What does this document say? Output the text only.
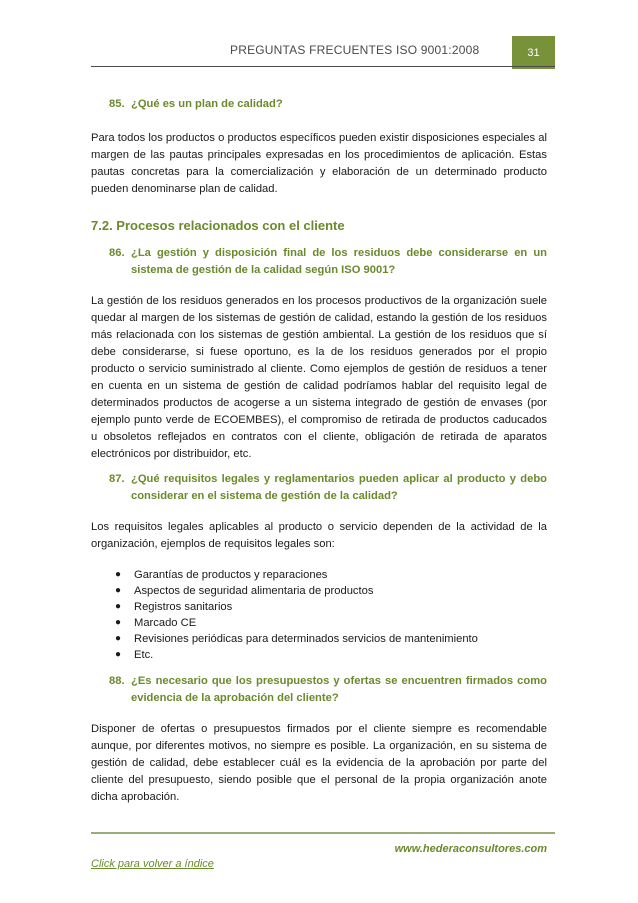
PREGUNTAS FRECUENTES ISO 9001:2008	31
85. ¿Qué es un plan de calidad?

Para todos los productos o productos específicos pueden existir disposiciones especiales al margen de las pautas principales expresadas en los procedimientos de aplicación. Estas pautas concretas para la comercialización y elaboración de un determinado producto pueden denominarse plan de calidad.

7.2. Procesos relacionados con el cliente
86. ¿La gestión y disposición final de los residuos debe considerarse en un sistema de gestión de la calidad según ISO 9001?

La gestión de los residuos generados en los procesos productivos de la organización suele quedar al margen de los sistemas de gestión de calidad, estando la gestión de los residuos más relacionada con los sistemas de gestión ambiental. La gestión de los residuos que sí debe considerarse, si fuese oportuno, es la de los residuos generados por el propio producto o servicio suministrado al cliente. Como ejemplos de gestión de residuos a tener en cuenta en un sistema de gestión de calidad podríamos hablar del requisito legal de determinados productos de acogerse a un sistema integrado de gestión de envases (por ejemplo punto verde de ECOEMBES), el compromiso de retirada de productos caducados u obsoletos reflejados en contratos con el cliente, obligación de retirada de aparatos electrónicos por distribuidor, etc.

87. ¿Qué requisitos legales y reglamentarios pueden aplicar al producto y debo considerar en el sistema de gestión de la calidad?

Los requisitos legales aplicables al producto o servicio dependen de la actividad de la organización, ejemplos de requisitos legales son:

●	Garantías de productos y reparaciones
●	Aspectos de seguridad alimentaria de productos
●	Registros sanitarios
●	Marcado CE
●	Revisiones periódicas para determinados servicios de mantenimiento
●	Etc.
88. ¿Es necesario que los presupuestos y ofertas se encuentren firmados como evidencia de la aprobación del cliente?

Disponer de ofertas o presupuestos firmados por el cliente siempre es recomendable aunque, por diferentes motivos, no siempre es posible. La organización, en su sistema de gestión de calidad, debe establecer cuál es la evidencia de la aprobación por parte del cliente del presupuesto, siendo posible que el personal de la propia organización anote dicha aprobación.

www.hederaconsultores.com
Click para volver a índice
